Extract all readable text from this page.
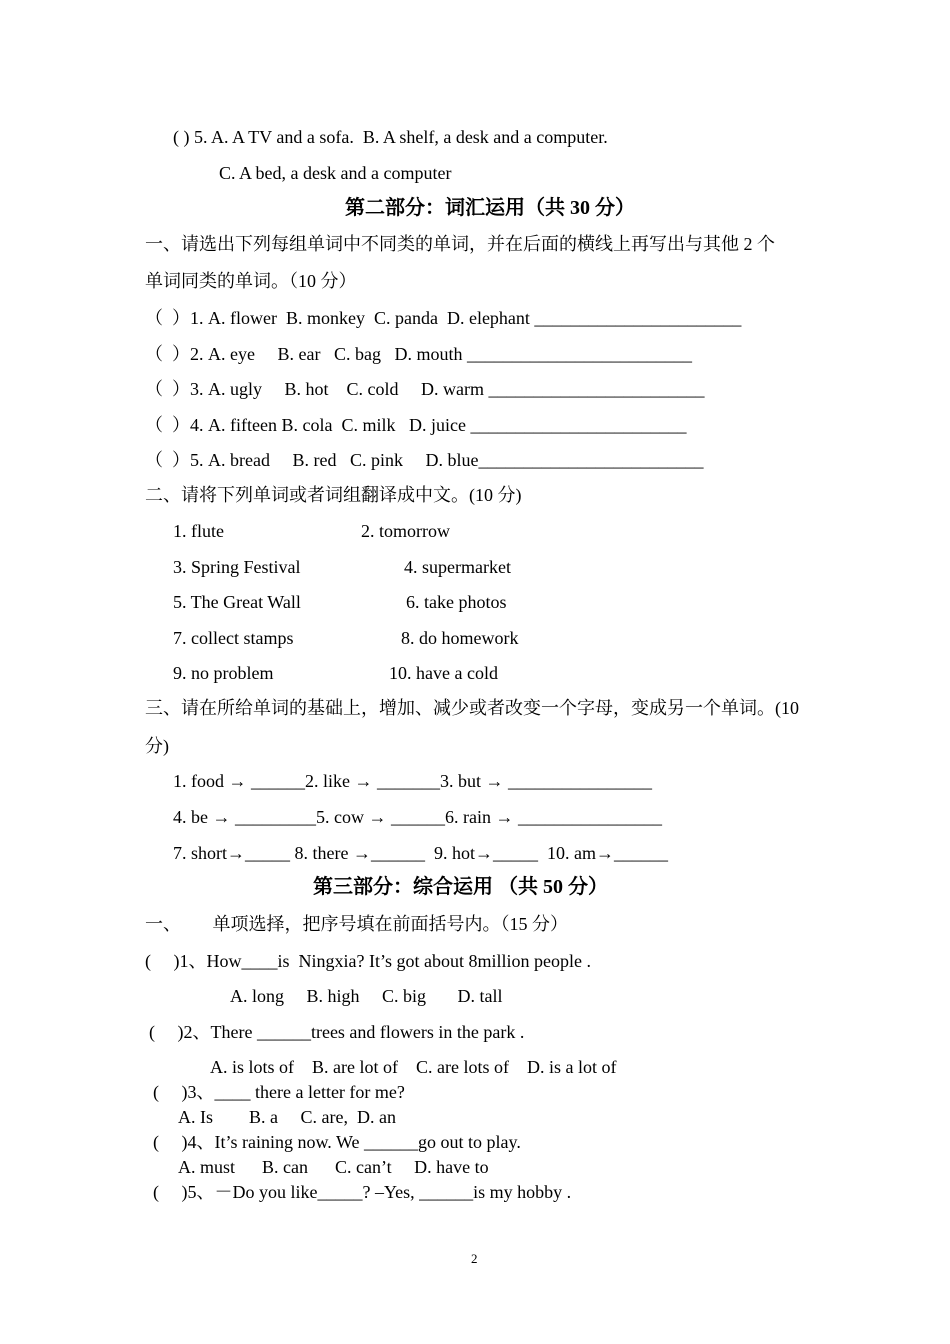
( ) 5. A. A TV and a sofa.  B. A shelf, a desk and a computer.
C. A bed, a desk and a computer
第二部分：词汇运用（共 30 分）
一、请选出下列每组单词中不同类的单词，并在后面的横线上再写出与其他 2 个
单词同类的单词。（10 分）
（  ）1. A. flower  B. monkey  C. panda  D. elephant _______________________
（  ）2. A. eye     B. ear   C. bag   D. mouth _________________________
（  ）3. A. ugly     B. hot    C. cold     D. warm ________________________
（  ）4. A. fifteen B. cola  C. milk   D. juice ________________________
（  ）5. A. bread     B. red   C. pink     D. blue_________________________
二、请将下列单词或者词组翻译成中文。(10 分)
1. flute	2. tomorrow
3. Spring Festival	4. supermarket
5. The Great Wall	6. take photos
7. collect stamps	8. do homework
9. no problem	10. have a cold
三、请在所给单词的基础上，增加、减少或者改变一个字母，变成另一个单词。(10
分)
1. food → ______2. like → _______3. but → ________________
4. be → _________5. cow → ______6. rain → ________________
7. short→_____ 8. there →______  9. hot→_____  10. am→______
第三部分：综合运用 （共 50 分）
一、       单项选择，把序号填在前面括号内。（15 分）
(     )1、How____is  Ningxia? It’s got about 8million people .
A. long     B. high     C. big       D. tall
(     )2、There ______trees and flowers in the park .
A. is lots of    B. are lot of    C. are lots of    D. is a lot of
(     )3、____ there a letter for me?
A. Is        B. a     C. are,  D. an
(     )4、It’s raining now. We ______go out to play.
A. must      B. can      C. can’t     D. have to
(     )5、－Do you like_____? –Yes, ______is my hobby .
2
